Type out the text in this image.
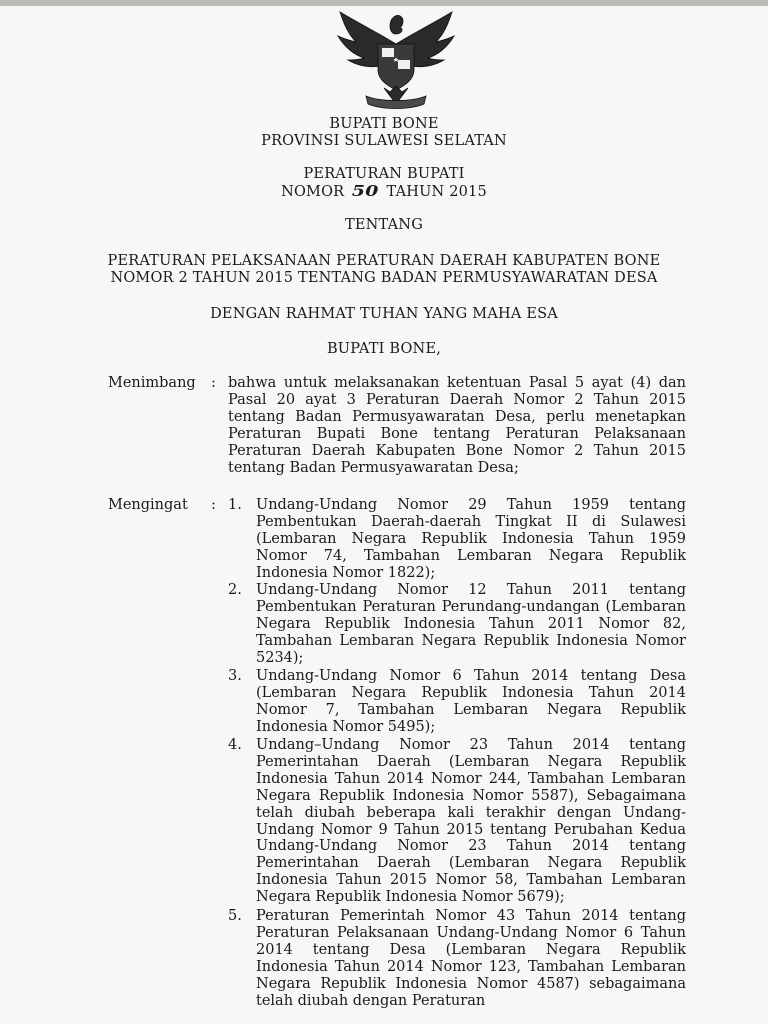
BUPATI BONE
PROVINSI SULAWESI SELATAN
PERATURAN BUPATI
NOMOR 50 TAHUN 2015
TENTANG
PERATURAN PELAKSANAAN PERATURAN DAERAH KABUPATEN BONE
NOMOR 2 TAHUN 2015 TENTANG BADAN PERMUSYAWARATAN DESA
DENGAN RAHMAT TUHAN YANG MAHA ESA
BUPATI BONE,
Menimbang : bahwa untuk melaksanakan ketentuan Pasal 5 ayat (4) dan Pasal 20 ayat 3 Peraturan Daerah Nomor 2 Tahun 2015 tentang Badan Permusyawaratan Desa, perlu menetapkan Peraturan Bupati Bone tentang Peraturan Pelaksanaan Peraturan Daerah Kabupaten Bone Nomor 2 Tahun 2015 tentang Badan Permusyawaratan Desa;
Mengingat : 1. Undang-Undang Nomor 29 Tahun 1959 tentang Pembentukan Daerah-daerah Tingkat II di Sulawesi (Lembaran Negara Republik Indonesia Tahun 1959 Nomor 74, Tambahan Lembaran Negara Republik Indonesia Nomor 1822);
2. Undang-Undang Nomor 12 Tahun 2011 tentang Pembentukan Peraturan Perundang-undangan (Lembaran Negara Republik Indonesia Tahun 2011 Nomor 82, Tambahan Lembaran Negara Republik Indonesia Nomor 5234);
3. Undang-Undang Nomor 6 Tahun 2014 tentang Desa (Lembaran Negara Republik Indonesia Tahun 2014 Nomor 7, Tambahan Lembaran Negara Republik Indonesia Nomor 5495);
4. Undang–Undang Nomor 23 Tahun 2014 tentang Pemerintahan Daerah (Lembaran Negara Republik Indonesia Tahun 2014 Nomor 244, Tambahan Lembaran Negara Republik Indonesia Nomor 5587), Sebagaimana telah diubah beberapa kali terakhir dengan Undang-Undang Nomor 9 Tahun 2015 tentang Perubahan Kedua Undang-Undang Nomor 23 Tahun 2014 tentang Pemerintahan Daerah (Lembaran Negara Republik Indonesia Tahun 2015 Nomor 58, Tambahan Lembaran Negara Republik Indonesia Nomor 5679);
5. Peraturan Pemerintah Nomor 43 Tahun 2014 tentang Peraturan Pelaksanaan Undang-Undang Nomor 6 Tahun 2014 tentang Desa (Lembaran Negara Republik Indonesia Tahun 2014 Nomor 123, Tambahan Lembaran Negara Republik Indonesia Nomor 4587) sebagaimana telah diubah dengan Peraturan
